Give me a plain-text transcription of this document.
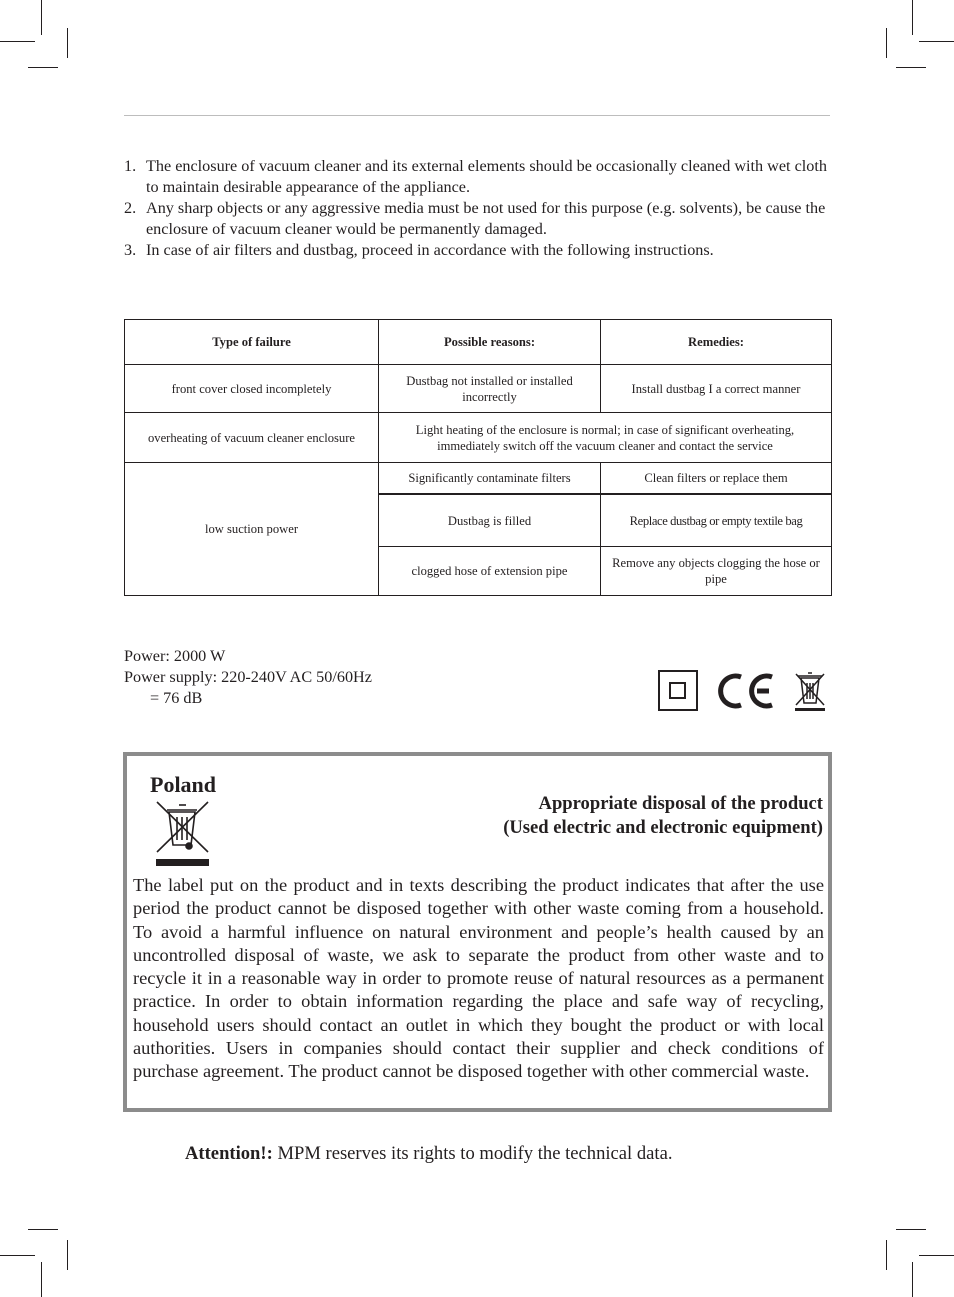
1. The enclosure of vacuum cleaner and its external elements should be occasionally cleaned with wet cloth to maintain desirable appearance of the appliance.
2. Any sharp objects or any aggressive media must be not used for this purpose (e.g. solvents), be cause the enclosure of vacuum cleaner would be permanently damaged.
3. In case of air filters and dustbag, proceed in accordance with the following instructions.
Type of failure	Possible reasons:	Remedies:
front cover closed incompletely	Dustbag not installed or installed incorrectly	Install dustbag I a correct manner
overheating of vacuum cleaner enclosure	Light heating of the enclosure is normal; in case of significant overheating, immediately switch off the vacuum cleaner and contact the service	
low suction power	Significantly contaminate filters	Clean filters or replace them
	Dustbag is filled	Replace dustbag or empty textile bag
	clogged hose of extension pipe	Remove any objects clogging the hose or pipe
Power: 2000 W
Power supply: 220-240V AC 50/60Hz
= 76 dB
Poland
Appropriate disposal of the product
(Used electric and electronic equipment)
The label put on the product and in texts describing the product indicates that after the use period the product cannot be disposed together with other waste coming from a household. To avoid a harmful influence on natural environment and people’s health caused by an uncontrolled disposal of waste, we ask to separate the product from other waste and to recycle it in a reasonable way in order to promote reuse of natural resources as a permanent practice. In order to obtain information regarding the place and safe way of recycling, household users should contact an outlet in which they bought the product or with local authorities. Users in companies should contact their supplier and check conditions of purchase agreement. The product cannot be disposed together with other commercial waste.
Attention!: MPM reserves its rights to modify the technical data.
